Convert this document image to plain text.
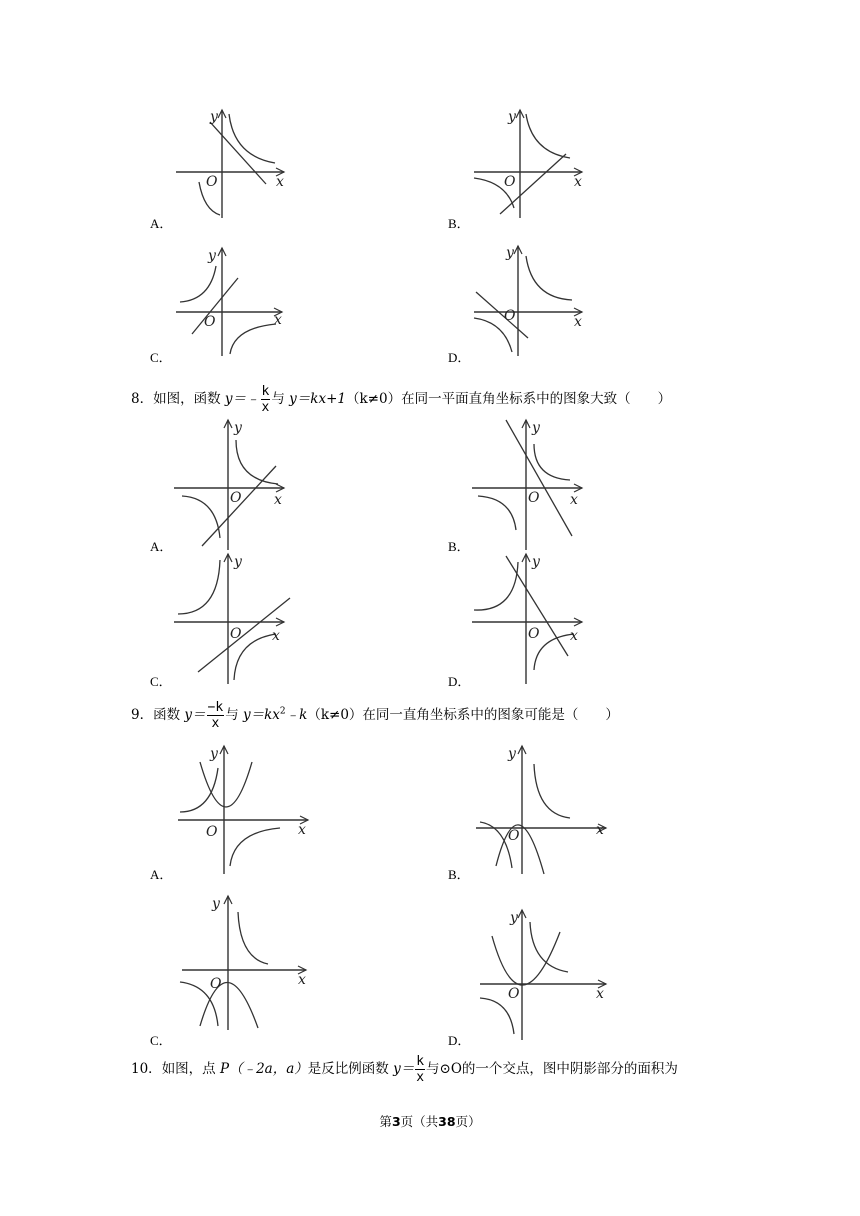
y
x
O
A．
y
x
O
B．
y
x
O
C．
y
x
O
D．
8．如图，函数 y＝﹣ $\frac{k}{x}$ 与 y＝kx+1（k≠0）在同一平面直角坐标系中的图象大致（　　）
y
x
O
A．
y
x
O
B．
y
x
O
C．
y
x
O
D．
9．函数 $y= \frac{-k}{x}$ 与 $y=kx^2﹣k(k\ne 0)$在同一直角坐标系中的图象可能是（　　）
y
x
O
A．
y
x
O
B．
y
x
O
C．
y
x
O
D．
10．如图，点 P（﹣2a，a）是反比例函数 $y= \frac{k}{x}$ 与⊙O的一个交点，图中阴影部分的面积为
第3页（共38页）
